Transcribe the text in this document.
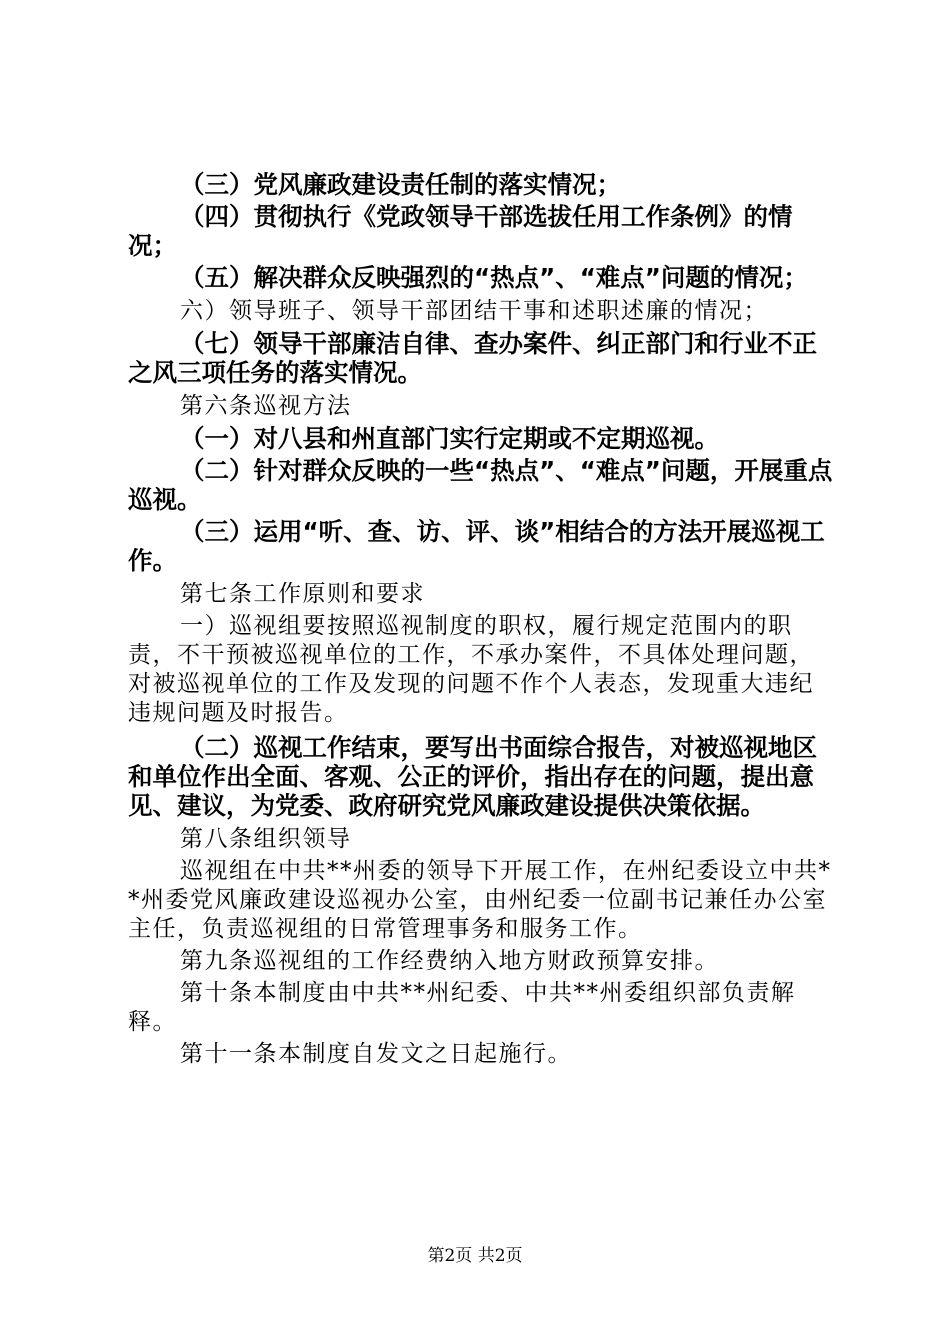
（三）党风廉政建设责任制的落实情况；

（四）贯彻执行《党政领导干部选拔任用工作条例》的情况；

（五）解决群众反映强烈的“热点”、“难点”问题的情况；

六）领导班子、领导干部团结干事和述职述廉的情况；

（七）领导干部廉洁自律、查办案件、纠正部门和行业不正之风三项任务的落实情况。

第六条巡视方法

（一）对八县和州直部门实行定期或不定期巡视。

（二）针对群众反映的一些“热点”、“难点”问题，开展重点巡视。

（三）运用“听、查、访、评、谈”相结合的方法开展巡视工作。

第七条工作原则和要求

一）巡视组要按照巡视制度的职权，履行规定范围内的职责，不干预被巡视单位的工作，不承办案件，不具体处理问题，对被巡视单位的工作及发现的问题不作个人表态，发现重大违纪违规问题及时报告。

（二）巡视工作结束，要写出书面综合报告，对被巡视地区和单位作出全面、客观、公正的评价，指出存在的问题，提出意见、建议，为党委、政府研究党风廉政建设提供决策依据。

第八条组织领导

巡视组在中共**州委的领导下开展工作，在州纪委设立中共**州委党风廉政建设巡视办公室，由州纪委一位副书记兼任办公室主任，负责巡视组的日常管理事务和服务工作。

第九条巡视组的工作经费纳入地方财政预算安排。

第十条本制度由中共**州纪委、中共**州委组织部负责解释。

第十一条本制度自发文之日起施行。

第2页 共2页
